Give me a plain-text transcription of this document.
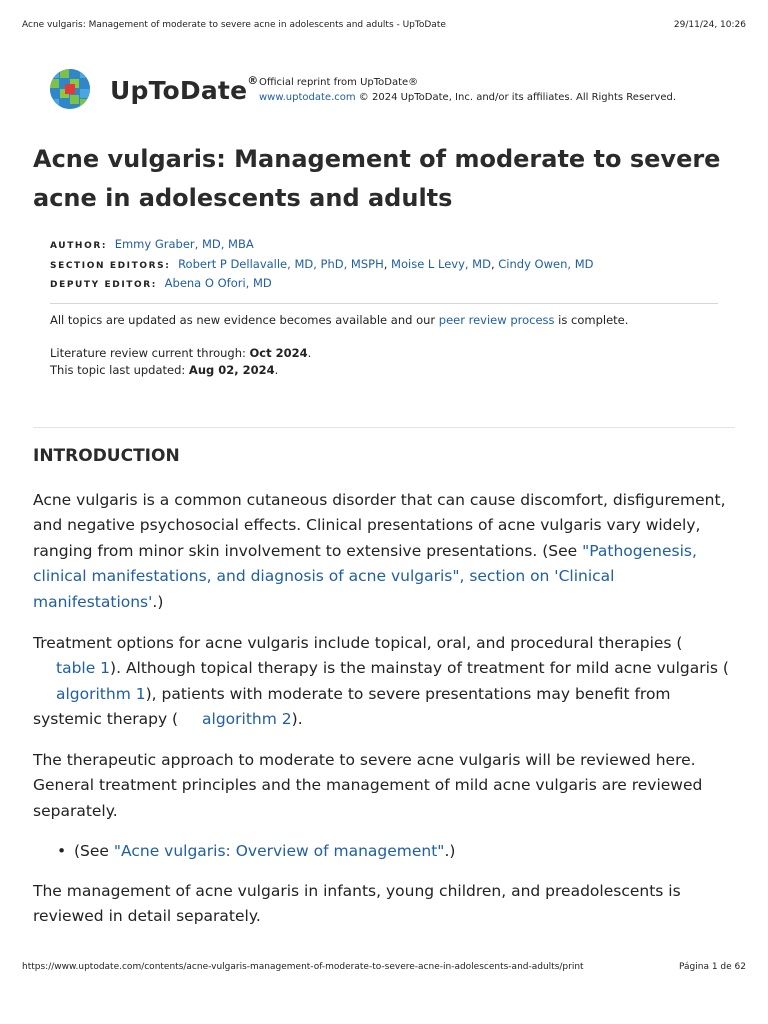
Acne vulgaris: Management of moderate to severe acne in adolescents and adults - UpToDate	29/11/24, 10:26
UpToDate® Official reprint from UpToDate®
www.uptodate.com © 2024 UpToDate, Inc. and/or its affiliates. All Rights Reserved.
Acne vulgaris: Management of moderate to severe acne in adolescents and adults
AUTHOR: Emmy Graber, MD, MBA
SECTION EDITORS: Robert P Dellavalle, MD, PhD, MSPH, Moise L Levy, MD, Cindy Owen, MD
DEPUTY EDITOR: Abena O Ofori, MD
All topics are updated as new evidence becomes available and our peer review process is complete.
Literature review current through: Oct 2024.
This topic last updated: Aug 02, 2024.
INTRODUCTION

Acne vulgaris is a common cutaneous disorder that can cause discomfort, disfigurement, and negative psychosocial effects. Clinical presentations of acne vulgaris vary widely, ranging from minor skin involvement to extensive presentations. (See "Pathogenesis, clinical manifestations, and diagnosis of acne vulgaris", section on 'Clinical manifestations'.)

Treatment options for acne vulgaris include topical, oral, and procedural therapies (
table 1). Although topical therapy is the mainstay of treatment for mild acne vulgaris (
algorithm 1), patients with moderate to severe presentations may benefit from systemic therapy ( algorithm 2).

The therapeutic approach to moderate to severe acne vulgaris will be reviewed here. General treatment principles and the management of mild acne vulgaris are reviewed separately.

• (See "Acne vulgaris: Overview of management".)

The management of acne vulgaris in infants, young children, and preadolescents is reviewed in detail separately.

https://www.uptodate.com/contents/acne-vulgaris-management-of-moderate-to-severe-acne-in-adolescents-and-adults/print	Página 1 de 62
